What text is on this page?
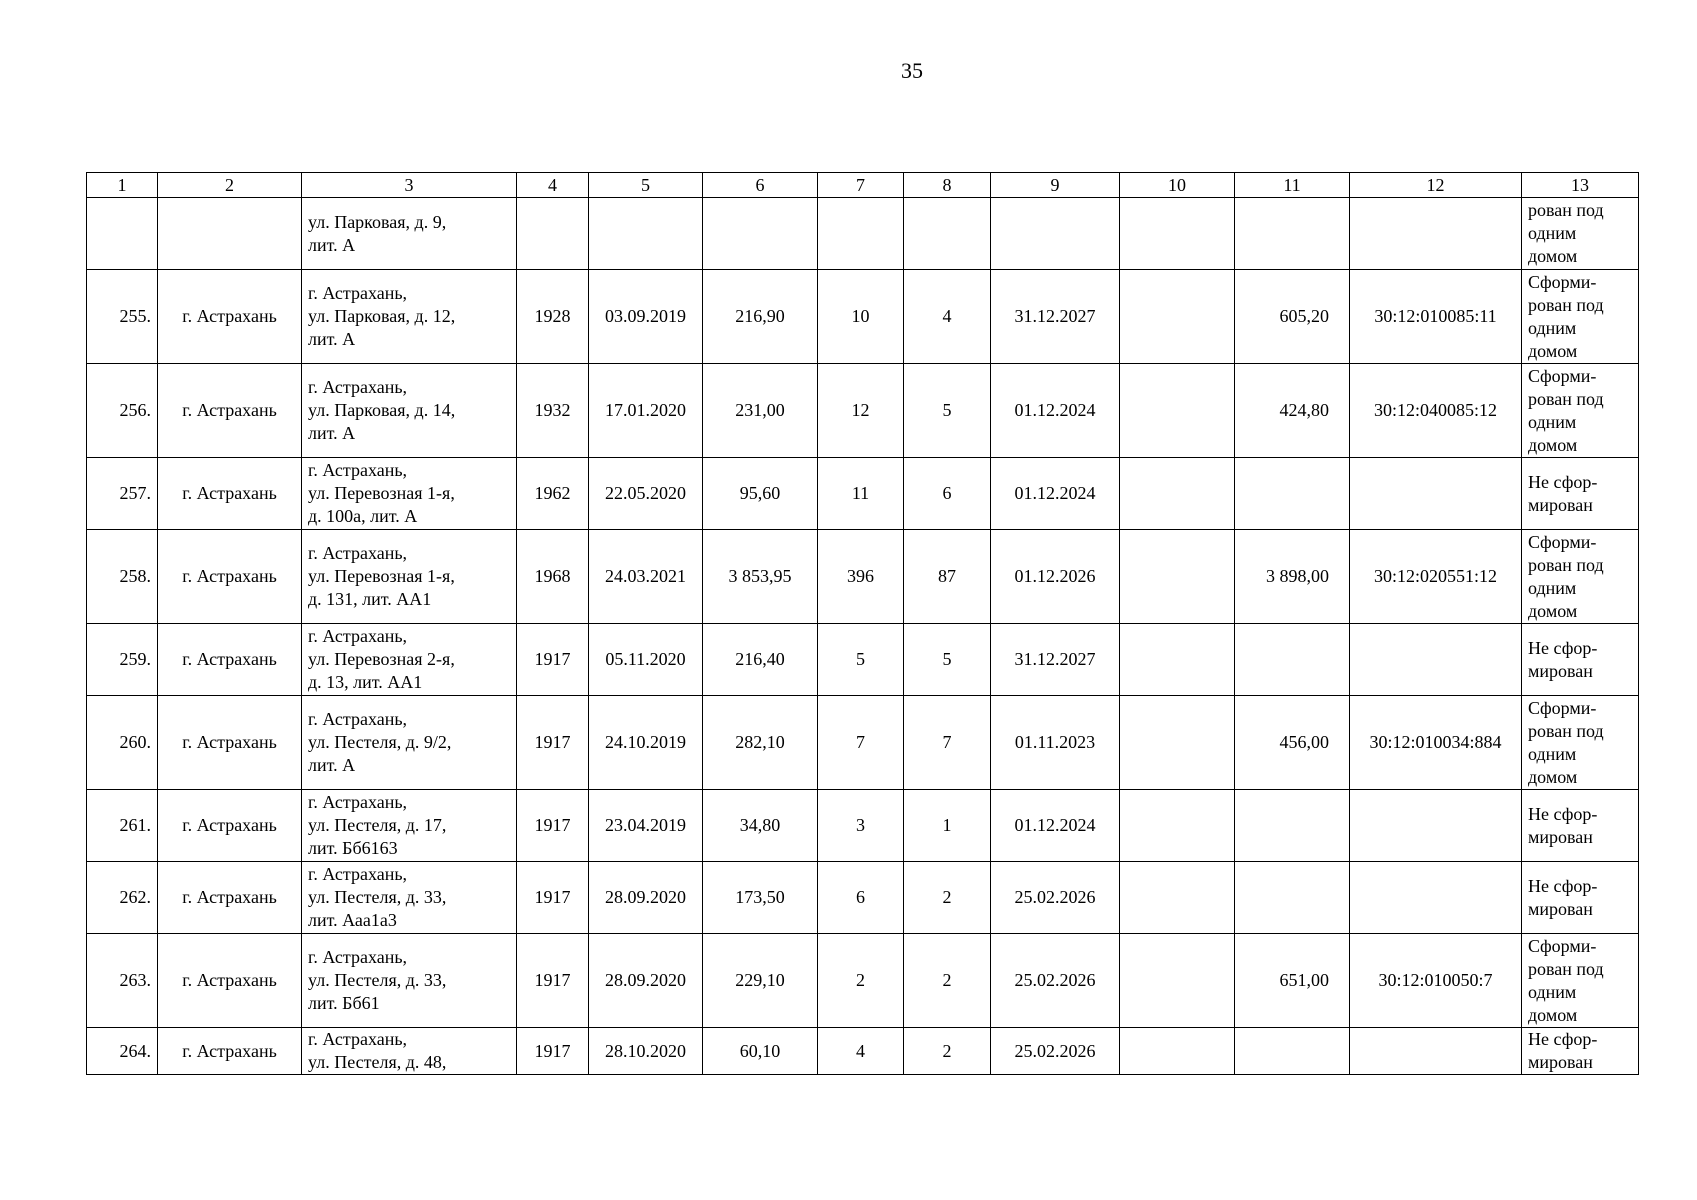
35
1	2	3	4	5	6	7	8	9	10	11	12	13

		ул. Парковая, д. 9,
лит. А										рован под
одним
домом

255.	г. Астрахань	г. Астрахань,
ул. Парковая, д. 12,
лит. А	1928	03.09.2019	216,90	10	4	31.12.2027		605,20	30:12:010085:11	Сформи-
рован под
одним
домом

256.	г. Астрахань	г. Астрахань,
ул. Парковая, д. 14,
лит. А	1932	17.01.2020	231,00	12	5	01.12.2024		424,80	30:12:040085:12	Сформи-
рован под
одним
домом

257.	г. Астрахань	г. Астрахань,
ул. Перевозная 1-я,
д. 100а, лит. А	1962	22.05.2020	95,60	11	6	01.12.2024				Не сфор-
мирован

258.	г. Астрахань	г. Астрахань,
ул. Перевозная 1-я,
д. 131, лит. АА1	1968	24.03.2021	3 853,95	396	87	01.12.2026		3 898,00	30:12:020551:12	Сформи-
рован под
одним
домом

259.	г. Астрахань	г. Астрахань,
ул. Перевозная 2-я,
д. 13, лит. АА1	1917	05.11.2020	216,40	5	5	31.12.2027				Не сфор-
мирован

260.	г. Астрахань	г. Астрахань,
ул. Пестеля, д. 9/2,
лит. А	1917	24.10.2019	282,10	7	7	01.11.2023		456,00	30:12:010034:884	Сформи-
рован под
одним
домом

261.	г. Астрахань	г. Астрахань,
ул. Пестеля, д. 17,
лит. Бб6163	1917	23.04.2019	34,80	3	1	01.12.2024				Не сфор-
мирован

262.	г. Астрахань	г. Астрахань,
ул. Пестеля, д. 33,
лит. Ааа1а3	1917	28.09.2020	173,50	6	2	25.02.2026				Не сфор-
мирован

263.	г. Астрахань	г. Астрахань,
ул. Пестеля, д. 33,
лит. Бб61	1917	28.09.2020	229,10	2	2	25.02.2026		651,00	30:12:010050:7	Сформи-
рован под
одним
домом

264.	г. Астрахань	г. Астрахань,
ул. Пестеля, д. 48,	1917	28.10.2020	60,10	4	2	25.02.2026				Не сфор-
мирован
